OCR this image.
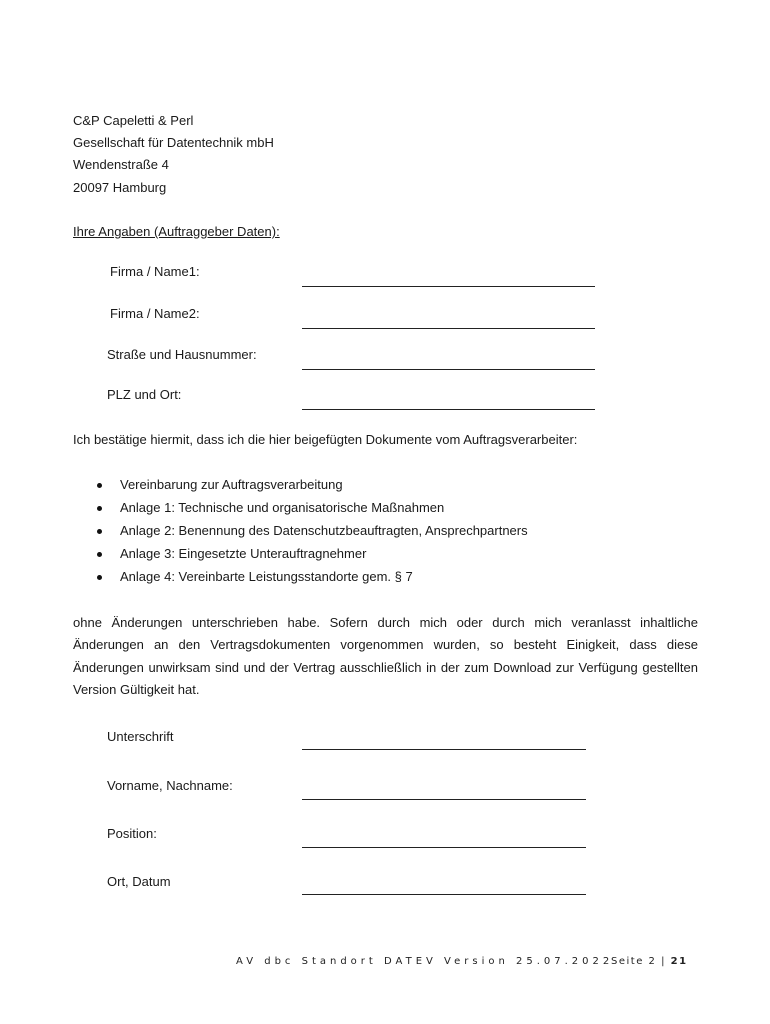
C&P Capeletti & Perl
Gesellschaft für Datentechnik mbH
Wendenstraße 4
20097 Hamburg
Ihre Angaben (Auftraggeber Daten):
Firma / Name1:
Firma / Name2:
Straße und Hausnummer:
PLZ und Ort:
Ich bestätige hiermit, dass ich die hier beigefügten Dokumente vom Auftragsverarbeiter:
Vereinbarung zur Auftragsverarbeitung
Anlage 1: Technische und organisatorische Maßnahmen
Anlage 2: Benennung des Datenschutzbeauftragten, Ansprechpartners
Anlage 3: Eingesetzte Unterauftragnehmer
Anlage 4: Vereinbarte Leistungsstandorte gem. § 7
ohne Änderungen unterschrieben habe. Sofern durch mich oder durch mich veranlasst inhaltliche Änderungen an den Vertragsdokumenten vorgenommen wurden, so besteht Einigkeit, dass diese Änderungen unwirksam sind und der Vertrag ausschließlich in der zum Download zur Verfügung gestellten Version Gültigkeit hat.
Unterschrift
Vorname, Nachname:
Position:
Ort, Datum
AV dbc Standort DATEV Version 25.07.2022
Seite 2 | 21
